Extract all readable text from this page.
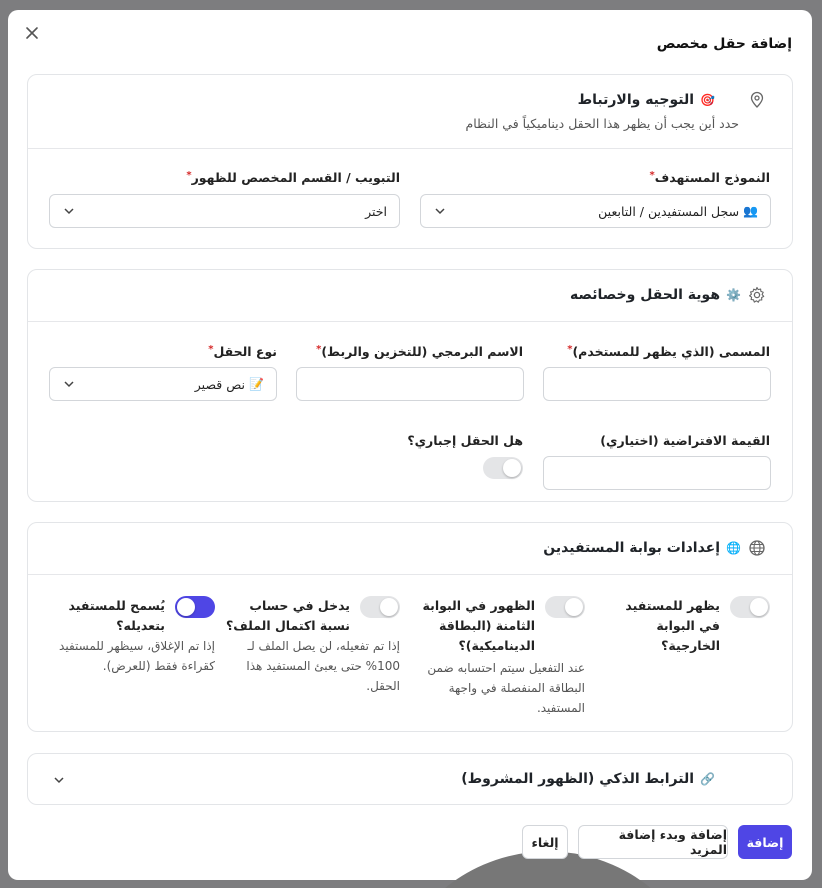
إضافة حقل مخصص
🎯
التوجيه والارتباط
حدد أين يجب أن يظهر هذا الحقل ديناميكياً في النظام
النموذج المستهدف*
التبويب / القسم المخصص للظهور*
👥
سجل المستفيدين / التابعين
اختر
⚙️
هوية الحقل وخصائصه
المسمى (الذي يظهر للمستخدم)*
الاسم البرمجي (للتخزين والربط)*
نوع الحقل*
📝
نص قصير
القيمة الافتراضية (اختياري)
هل الحقل إجباري؟
🌐
إعدادات بوابة المستفيدين
يظهر للمستفيد في البوابة الخارجية؟
الظهور في البوابة الثامنة (البطاقة الديناميكية)؟
عند التفعيل سيتم احتسابه ضمن البطاقة المنفصلة في واجهة المستفيد.
يدخل في حساب نسبة اكتمال الملف؟
إذا تم تفعيله، لن يصل الملف لـ 100% حتى يعبئ المستفيد هذا الحقل.
يُسمح للمستفيد بتعديله؟
إذا تم الإغلاق، سيظهر للمستفيد كقراءة فقط (للعرض).
🔗
الترابط الذكي (الظهور المشروط)
إضافة
إضافة وبدء إضافة المزيد
إلغاء
